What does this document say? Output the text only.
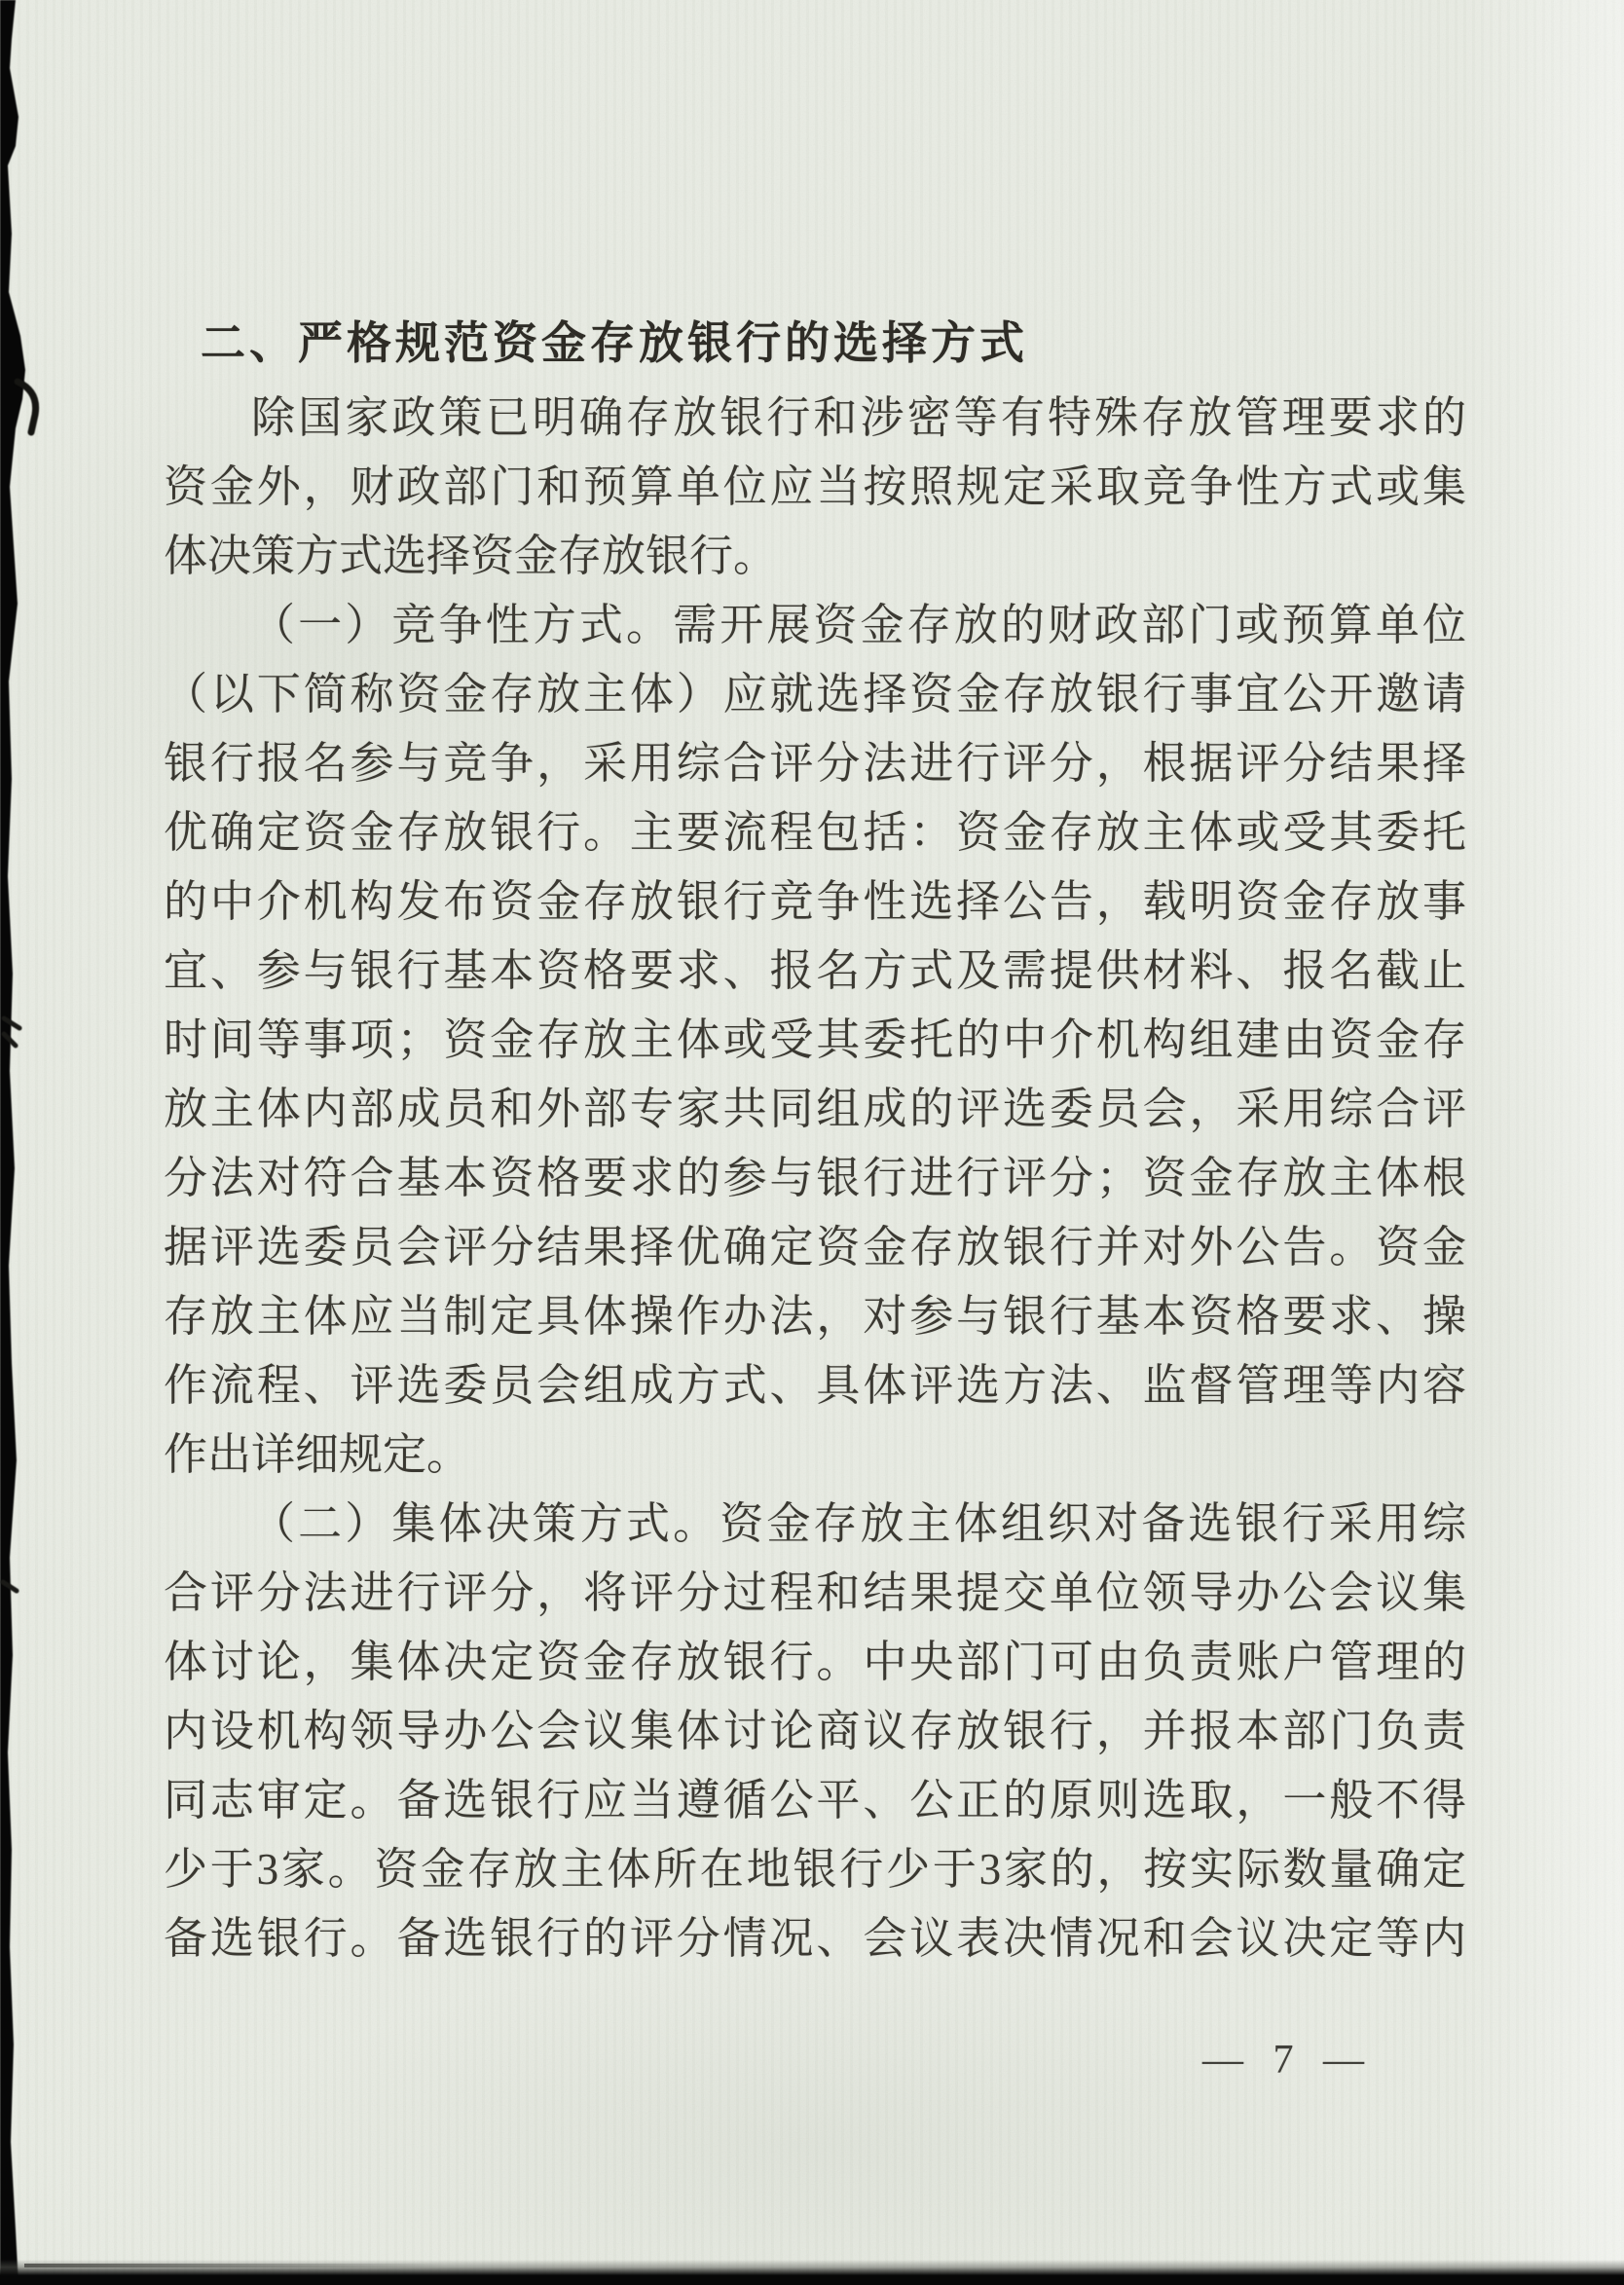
二、严格规范资金存放银行的选择方式
除国家政策已明确存放银行和涉密等有特殊存放管理要求的
资金外，财政部门和预算单位应当按照规定采取竞争性方式或集
体决策方式选择资金存放银行。
（一）竞争性方式。需开展资金存放的财政部门或预算单位
（以下简称资金存放主体）应就选择资金存放银行事宜公开邀请
银行报名参与竞争，采用综合评分法进行评分，根据评分结果择
优确定资金存放银行。主要流程包括：资金存放主体或受其委托
的中介机构发布资金存放银行竞争性选择公告，载明资金存放事
宜、参与银行基本资格要求、报名方式及需提供材料、报名截止
时间等事项；资金存放主体或受其委托的中介机构组建由资金存
放主体内部成员和外部专家共同组成的评选委员会，采用综合评
分法对符合基本资格要求的参与银行进行评分；资金存放主体根
据评选委员会评分结果择优确定资金存放银行并对外公告。资金
存放主体应当制定具体操作办法，对参与银行基本资格要求、操
作流程、评选委员会组成方式、具体评选方法、监督管理等内容
作出详细规定。
（二）集体决策方式。资金存放主体组织对备选银行采用综
合评分法进行评分，将评分过程和结果提交单位领导办公会议集
体讨论，集体决定资金存放银行。中央部门可由负责账户管理的
内设机构领导办公会议集体讨论商议存放银行，并报本部门负责
同志审定。备选银行应当遵循公平、公正的原则选取，一般不得
少于3家。资金存放主体所在地银行少于3家的，按实际数量确定
备选银行。备选银行的评分情况、会议表决情况和会议决定等内
— 7 —
